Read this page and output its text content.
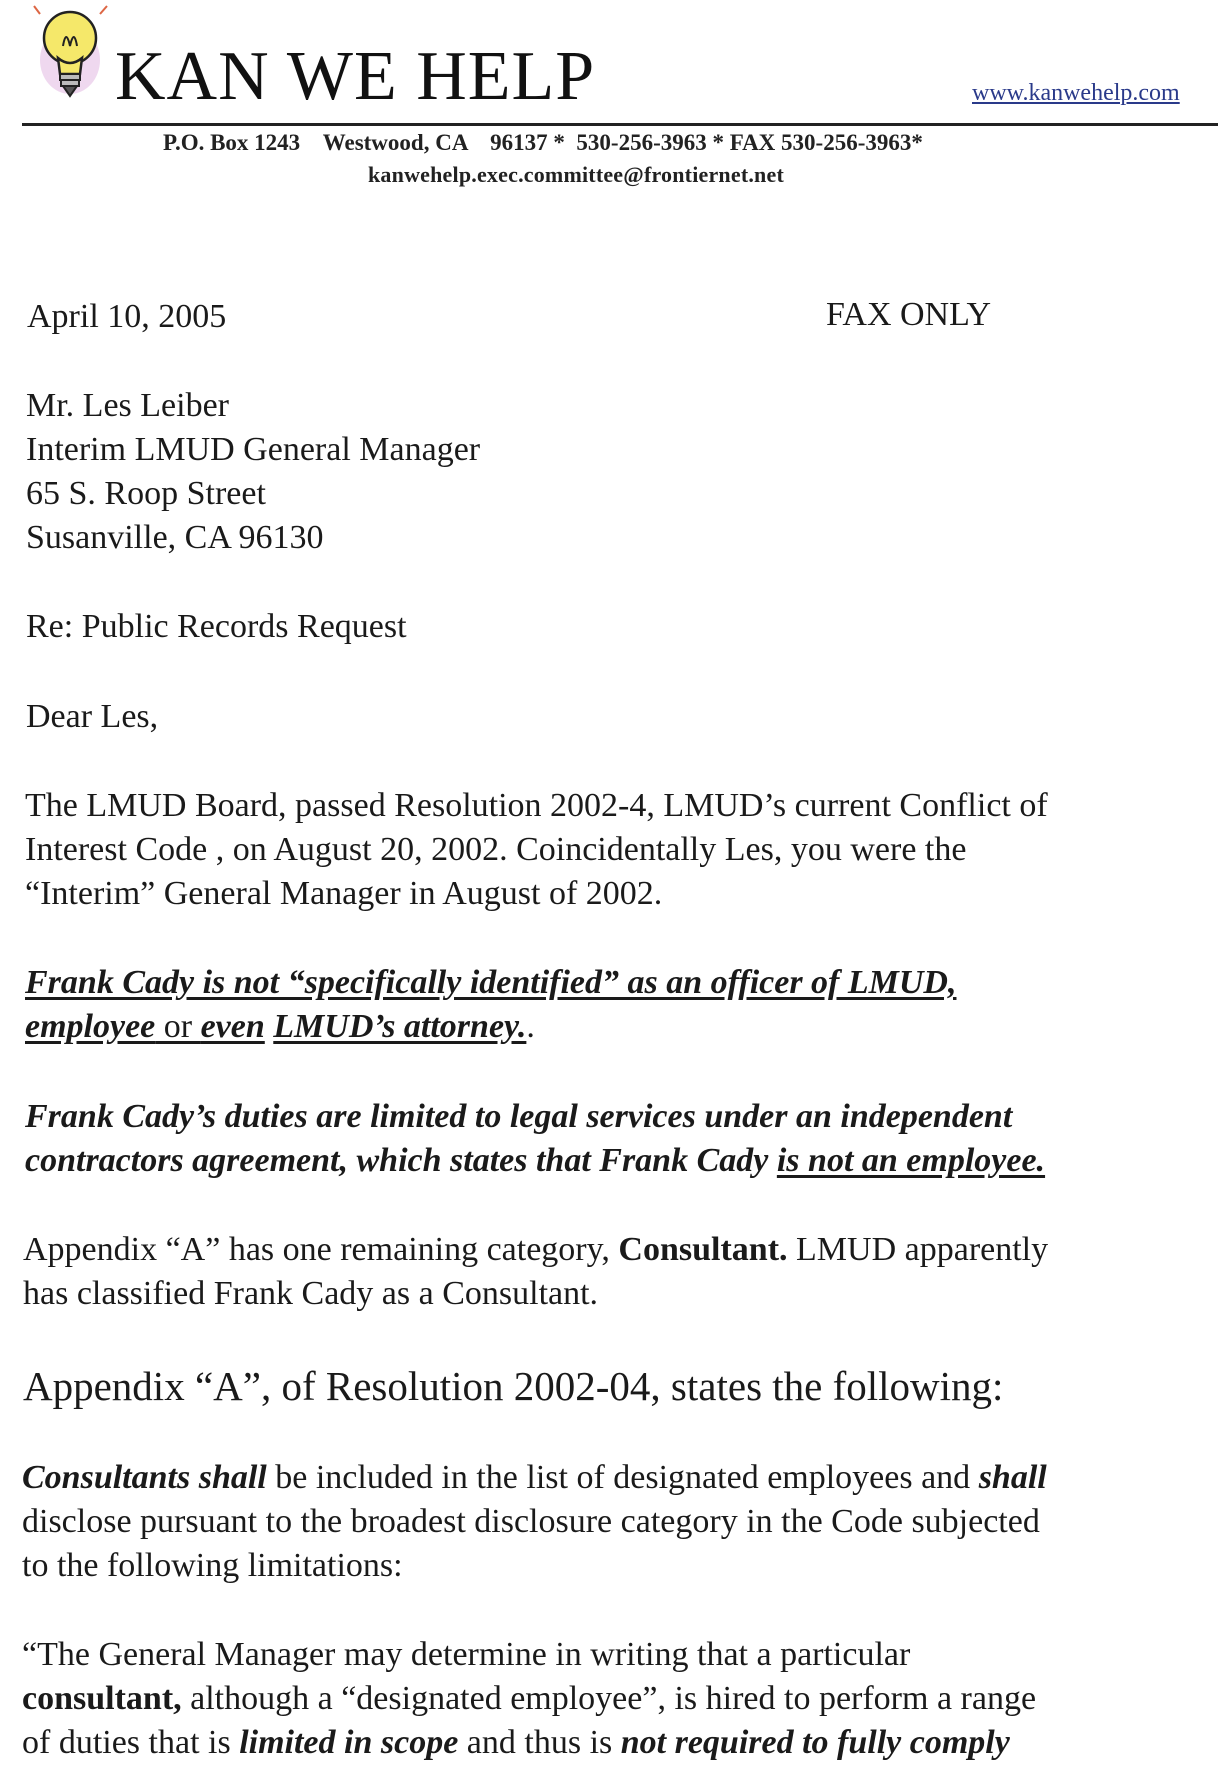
KAN WE HELP	www.kanwehelp.com
P.O. Box 1243    Westwood, CA    96137 *  530-256-3963 * FAX 530-256-3963*
kanwehelp.exec.committee@frontiernet.net
April 10, 2005	FAX ONLY
Mr. Les Leiber
Interim LMUD General Manager
65 S. Roop Street
Susanville, CA 96130
Re: Public Records Request
Dear Les,
The LMUD Board, passed Resolution 2002-4, LMUD’s current Conflict of
Interest Code , on August 20, 2002. Coincidentally Les, you were the
“Interim” General Manager in August of 2002.
Frank Cady is not “specifically identified” as an officer of LMUD,
employee or even LMUD’s attorney..
Frank Cady’s duties are limited to legal services under an independent
contractors agreement, which states that Frank Cady is not an employee.
Appendix “A” has one remaining category, Consultant. LMUD apparently
has classified Frank Cady as a Consultant.
Appendix “A”, of Resolution 2002-04, states the following:
Consultants shall be included in the list of designated employees and shall
disclose pursuant to the broadest disclosure category in the Code subjected
to the following limitations:
“The General Manager may determine in writing that a particular
consultant, although a “designated employee”, is hired to perform a range
of duties that is limited in scope and thus is not required to fully comply
